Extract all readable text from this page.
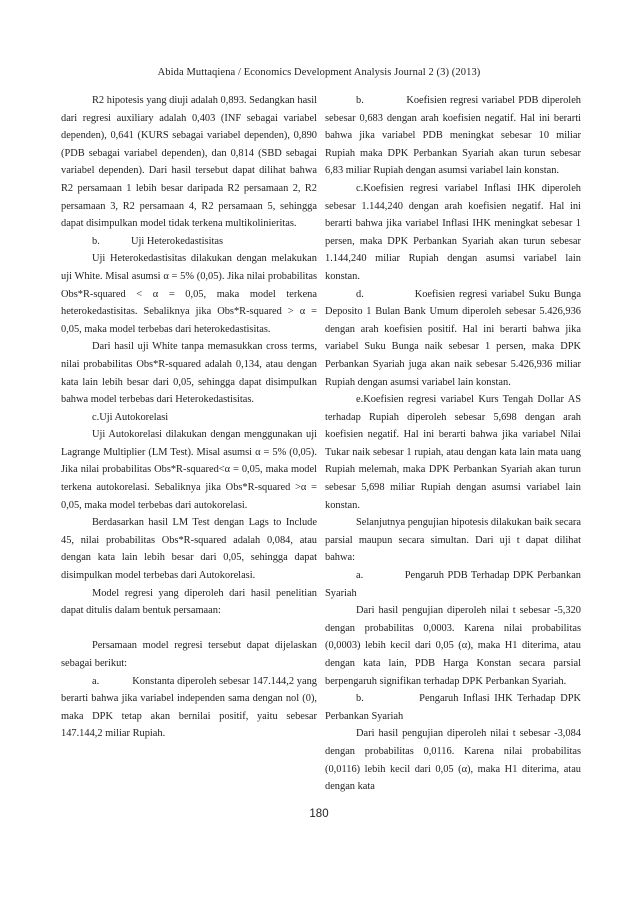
Abida Muttaqiena / Economics Development Analysis Journal 2 (3) (2013)

R2 hipotesis yang diuji adalah 0,893. Sedangkan hasil dari regresi auxiliary adalah 0,403 (INF sebagai variabel dependen), 0,641 (KURS sebagai variabel dependen), 0,890 (PDB sebagai variabel dependen), dan 0,814 (SBD sebagai variabel dependen). Dari hasil tersebut dapat dilihat bahwa R2 persamaan 1 lebih besar daripada R2 persamaan 2, R2 persamaan 3, R2 persamaan 4, R2 persamaan 5, sehingga dapat disimpulkan model tidak terkena multikolinieritas.

b.            Uji Heterokedastisitas

Uji Heterokedastisitas dilakukan dengan melakukan uji White. Misal asumsi α = 5% (0,05). Jika nilai probabilitas Obs*R-squared < α = 0,05, maka model terkena heterokedastisitas. Sebaliknya jika Obs*R-squared > α = 0,05, maka model terbebas dari heterokedastisitas.

Dari hasil uji White tanpa memasukkan cross terms, nilai probabilitas Obs*R-squared adalah 0,134, atau dengan kata lain lebih besar dari 0,05, sehingga dapat disimpulkan bahwa model terbebas dari Heterokedastisitas.

c.Uji Autokorelasi

Uji Autokorelasi dilakukan dengan menggunakan uji Lagrange Multiplier (LM Test). Misal asumsi α = 5% (0,05). Jika nilai probabilitas Obs*R-squared<α = 0,05, maka model terkena autokorelasi. Sebaliknya jika Obs*R-squared >α = 0,05, maka model terbebas dari autokorelasi.

Berdasarkan hasil LM Test dengan Lags to Include 45, nilai probabilitas Obs*R-squared adalah 0,084, atau dengan kata lain lebih besar dari 0,05, sehingga dapat disimpulkan model terbebas dari Autokorelasi.

Model regresi yang diperoleh dari hasil penelitian dapat ditulis dalam bentuk persamaan:

Persamaan model regresi tersebut dapat dijelaskan sebagai berikut:

a.            Konstanta diperoleh sebesar 147.144,2 yang berarti bahwa jika variabel independen sama dengan nol (0), maka DPK tetap akan bernilai positif, yaitu sebesar 147.144,2 miliar Rupiah.

b.             Koefisien regresi variabel PDB diperoleh sebesar 0,683 dengan arah koefisien negatif. Hal ini berarti bahwa jika variabel PDB meningkat sebesar 10 miliar Rupiah maka DPK Perbankan Syariah akan turun sebesar 6,83 miliar Rupiah dengan asumsi variabel lain konstan.

c.Koefisien regresi variabel Inflasi IHK diperoleh sebesar 1.144,240 dengan arah koefisien negatif. Hal ini berarti bahwa jika variabel Inflasi IHK meningkat sebesar 1 persen, maka DPK Perbankan Syariah akan turun sebesar 1.144,240 miliar Rupiah dengan asumsi variabel lain konstan.

d.             Koefisien regresi variabel Suku Bunga Deposito 1 Bulan Bank Umum diperoleh sebesar 5.426,936 dengan arah koefisien positif. Hal ini berarti bahwa jika variabel Suku Bunga naik sebesar 1 persen, maka DPK Perbankan Syariah juga akan naik sebesar 5.426,936 miliar Rupiah dengan asumsi variabel lain konstan.

e.Koefisien regresi variabel Kurs Tengah Dollar AS terhadap Rupiah diperoleh sebesar 5,698 dengan arah koefisien negatif. Hal ini berarti bahwa jika variabel Nilai Tukar naik sebesar 1 rupiah, atau dengan kata lain mata uang Rupiah melemah, maka DPK Perbankan Syariah akan turun sebesar 5,698 miliar Rupiah dengan asumsi variabel lain konstan.

Selanjutnya pengujian hipotesis dilakukan baik secara parsial maupun secara simultan. Dari uji t dapat dilihat bahwa:

a.            Pengaruh PDB Terhadap DPK Perbankan Syariah

Dari hasil pengujian diperoleh nilai t sebesar -5,320 dengan probabilitas 0,0003. Karena nilai probabilitas (0,0003) lebih kecil dari 0,05 (α), maka H1 diterima, atau dengan kata lain, PDB Harga Konstan secara parsial berpengaruh signifikan terhadap DPK Perbankan Syariah.

b.            Pengaruh Inflasi IHK Terhadap DPK Perbankan Syariah

Dari hasil pengujian diperoleh nilai t sebesar -3,084 dengan probabilitas 0,0116. Karena nilai probabilitas (0,0116) lebih kecil dari 0,05 (α), maka H1 diterima, atau dengan kata

180
